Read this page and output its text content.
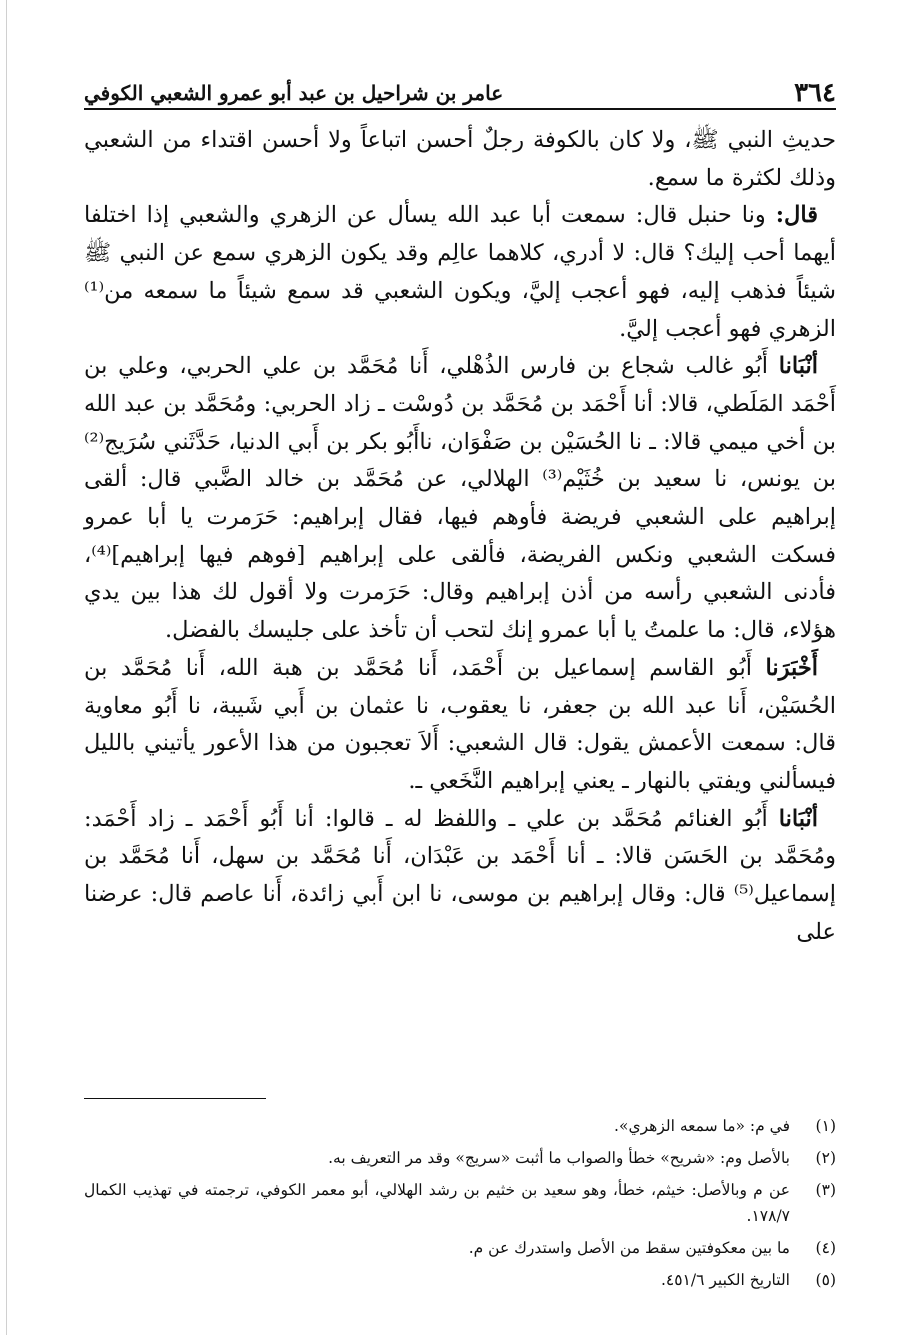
٣٦٤
عامر بن شراحيل بن عبد أبو عمرو الشعبي الكوفي

حديثِ النبي ﷺ، ولا كان بالكوفة رجلٌ أحسن اتباعاً ولا أحسن اقتداء من الشعبي وذلك لكثرة ما سمع.

قال: ونا حنبل قال: سمعت أبا عبد الله يسأل عن الزهري والشعبي إذا اختلفا أيهما أحب إليك؟ قال: لا أدري، كلاهما عالِم وقد يكون الزهري سمع عن النبي ﷺ شيئاً فذهب إليه، فهو أعجب إليَّ، ويكون الشعبي قد سمع شيئاً ما سمعه من⁽¹⁾ الزهري فهو أعجب إليَّ.

أنْبَانا أَبُو غالب شجاع بن فارس الذُهْلي، أَنا مُحَمَّد بن علي الحربي، وعلي بن أَحْمَد المَلَطي، قالا: أنا أَحْمَد بن مُحَمَّد بن دُوسْت ـ زاد الحربي: ومُحَمَّد بن عبد الله بن أخي ميمي قالا: ـ نا الحُسَيْن بن صَفْوَان، ناأَبُو بكر بن أَبي الدنيا، حَدَّثَني سُرَيج⁽²⁾ بن يونس، نا سعيد بن خُثَيْم⁽³⁾ الهلالي، عن مُحَمَّد بن خالد الضَّبي قال: ألقى إبراهيم على الشعبي فريضة فأوهم فيها، فقال إبراهيم: حَرَمرت يا أبا عمرو فسكت الشعبي ونكس الفريضة، فألقى على إبراهيم [فوهم فيها إبراهيم]⁽⁴⁾، فأدنى الشعبي رأسه من أذن إبراهيم وقال: حَرَمرت ولا أقول لك هذا بين يدي هؤلاء، قال: ما علمتُ يا أبا عمرو إنك لتحب أن تأخذ على جليسك بالفضل.

أَخْبَرَنا أَبُو القاسم إسماعيل بن أَحْمَد، أَنا مُحَمَّد بن هبة الله، أَنا مُحَمَّد بن الحُسَيْن، أَنا عبد الله بن جعفر، نا يعقوب، نا عثمان بن أَبي شَيبة، نا أَبُو معاوية قال: سمعت الأعمش يقول: قال الشعبي: أَلاَ تعجبون من هذا الأعور يأتيني بالليل فيسألني ويفتي بالنهار ـ يعني إبراهيم النَّخَعي ـ.

أنْبَانا أَبُو الغنائم مُحَمَّد بن علي ـ واللفظ له ـ قالوا: أنا أَبُو أَحْمَد ـ زاد أَحْمَد: ومُحَمَّد بن الحَسَن قالا: ـ أنا أَحْمَد بن عَبْدَان، أَنا مُحَمَّد بن سهل، أَنا مُحَمَّد بن إسماعيل⁽⁵⁾ قال: وقال إبراهيم بن موسى، نا ابن أَبي زائدة، أَنا عاصم قال: عرضنا على

(١)
في م: «ما سمعه الزهري».

(٢)
بالأصل وم: «شريح» خطأ والصواب ما أثبت «سريج» وقد مر التعريف به.

(٣)
عن م وبالأصل: خيثم، خطأ، وهو سعيد بن خثيم بن رشد الهلالي، أبو معمر الكوفي، ترجمته في تهذيب الكمال ١٧٨/٧.

(٤)
ما بين معكوفتين سقط من الأصل واستدرك عن م.

(٥)
التاريخ الكبير ٤٥١/٦.
